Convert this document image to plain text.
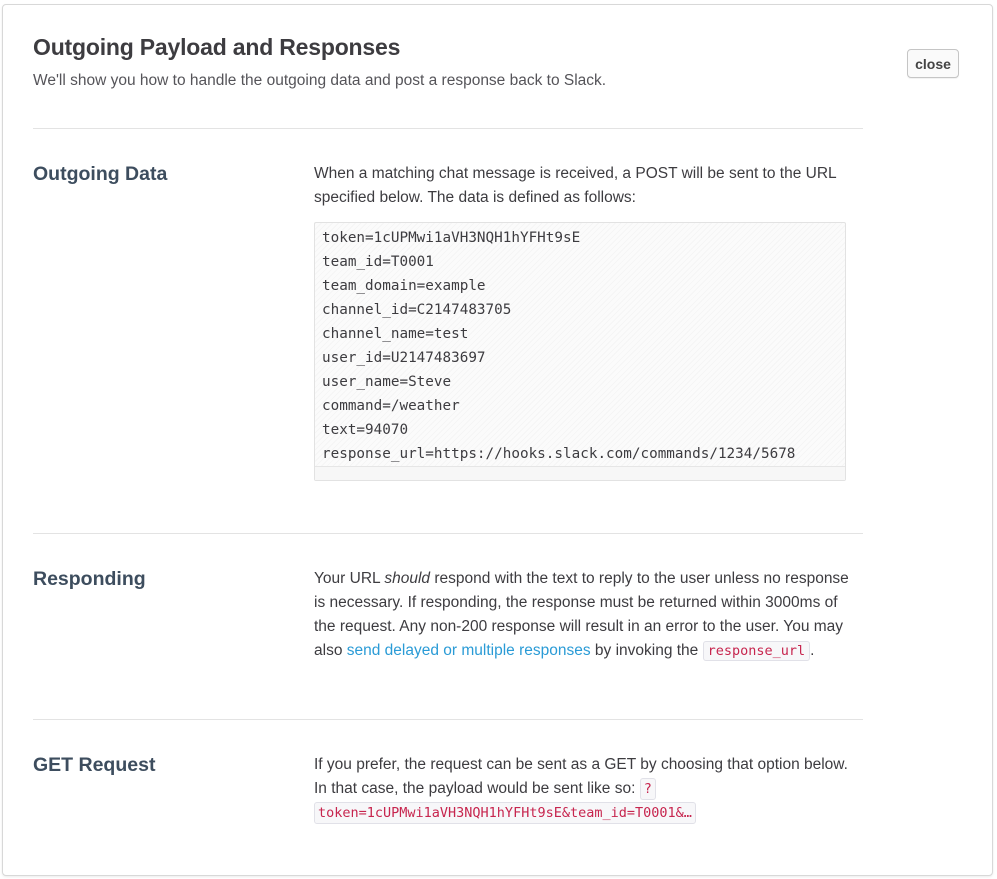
Outgoing Payload and Responses
We'll show you how to handle the outgoing data and post a response back to Slack.
close
Outgoing Data	When a matching chat message is received, a POST will be sent to the URL specified below. The data is defined as follows:
token=1cUPMwi1aVH3NQH1hYFHt9sE
team_id=T0001
team_domain=example
channel_id=C2147483705
channel_name=test
user_id=U2147483697
user_name=Steve
command=/weather
text=94070
response_url=https://hooks.slack.com/commands/1234/5678
Responding	Your URL should respond with the text to reply to the user unless no response is necessary. If responding, the response must be returned within 3000ms of the request. Any non-200 response will result in an error to the user. You may also send delayed or multiple responses by invoking the response_url .
GET Request	If you prefer, the request can be sent as a GET by choosing that option below. In that case, the payload would be sent like so: ?
token=1cUPMwi1aVH3NQH1hYFHt9sE&team_id=T0001&…
